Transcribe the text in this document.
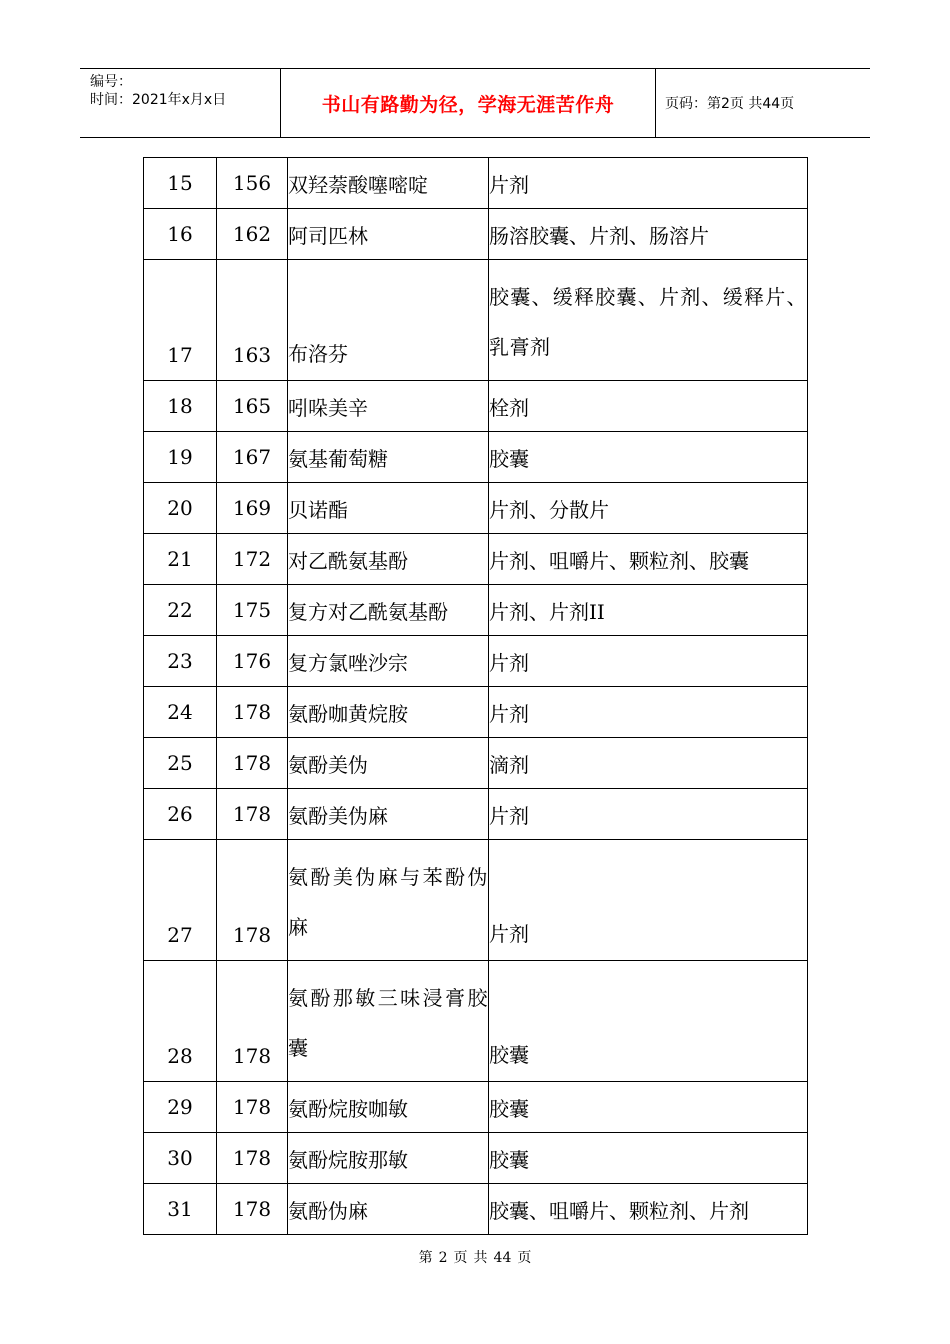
编号：
时间：2021年x月x日	书山有路勤为径，学海无涯苦作舟	页码：第2页 共44页
15	156	双羟萘酸噻嘧啶	片剂
16	162	阿司匹林	肠溶胶囊、片剂、肠溶片
17	163	布洛芬	胶囊、缓释胶囊、片剂、缓释片、乳膏剂
18	165	吲哚美辛	栓剂
19	167	氨基葡萄糖	胶囊
20	169	贝诺酯	片剂、分散片
21	172	对乙酰氨基酚	片剂、咀嚼片、颗粒剂、胶囊
22	175	复方对乙酰氨基酚	片剂、片剂II
23	176	复方氯唑沙宗	片剂
24	178	氨酚咖黄烷胺	片剂
25	178	氨酚美伪	滴剂
26	178	氨酚美伪麻	片剂
27	178	氨酚美伪麻与苯酚伪麻	片剂
28	178	氨酚那敏三味浸膏胶囊	胶囊
29	178	氨酚烷胺咖敏	胶囊
30	178	氨酚烷胺那敏	胶囊
31	178	氨酚伪麻	胶囊、咀嚼片、颗粒剂、片剂
第 2 页 共 44 页
